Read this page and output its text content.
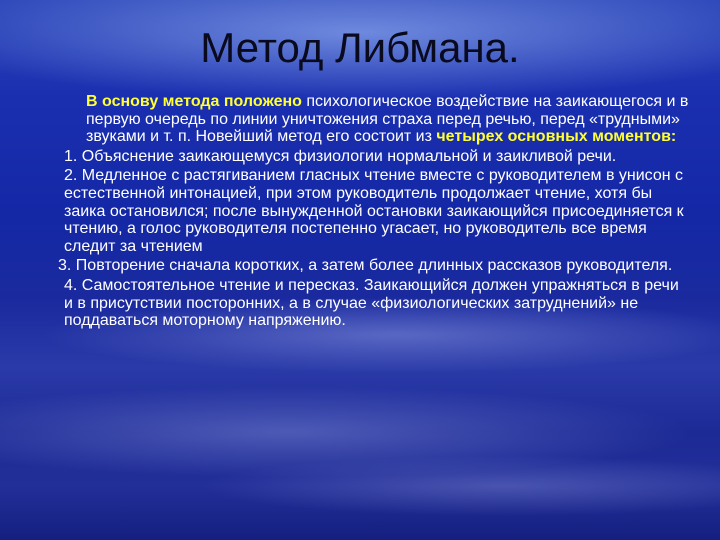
Метод Либмана.

В основу метода положено психологическое воздействие на заикающегося и в первую очередь по линии уничтожения страха перед речью, перед «трудными» звуками и т. п. Новейший метод его состоит из четырех основных моментов:

1. Объяснение заикающемуся физиологии нормальной и заикливой речи.

2. Медленное с растягиванием гласных чтение вместе с руководителем в унисон с естественной интонацией, при этом руководитель продолжает чтение, хотя бы заика остановился; после вынужденной остановки заикающийся присоединяется к чтению, а голос руководителя постепенно угасает, но руководитель все время следит за чтением

3. Повторение сначала коротких, а затем более длинных рассказов руководителя.

4. Самостоятельное чтение и пересказ. Заикающийся должен упражняться в речи и в присутствии посторонних, а в случае «физиологических затруднений» не поддаваться моторному напряжению.
